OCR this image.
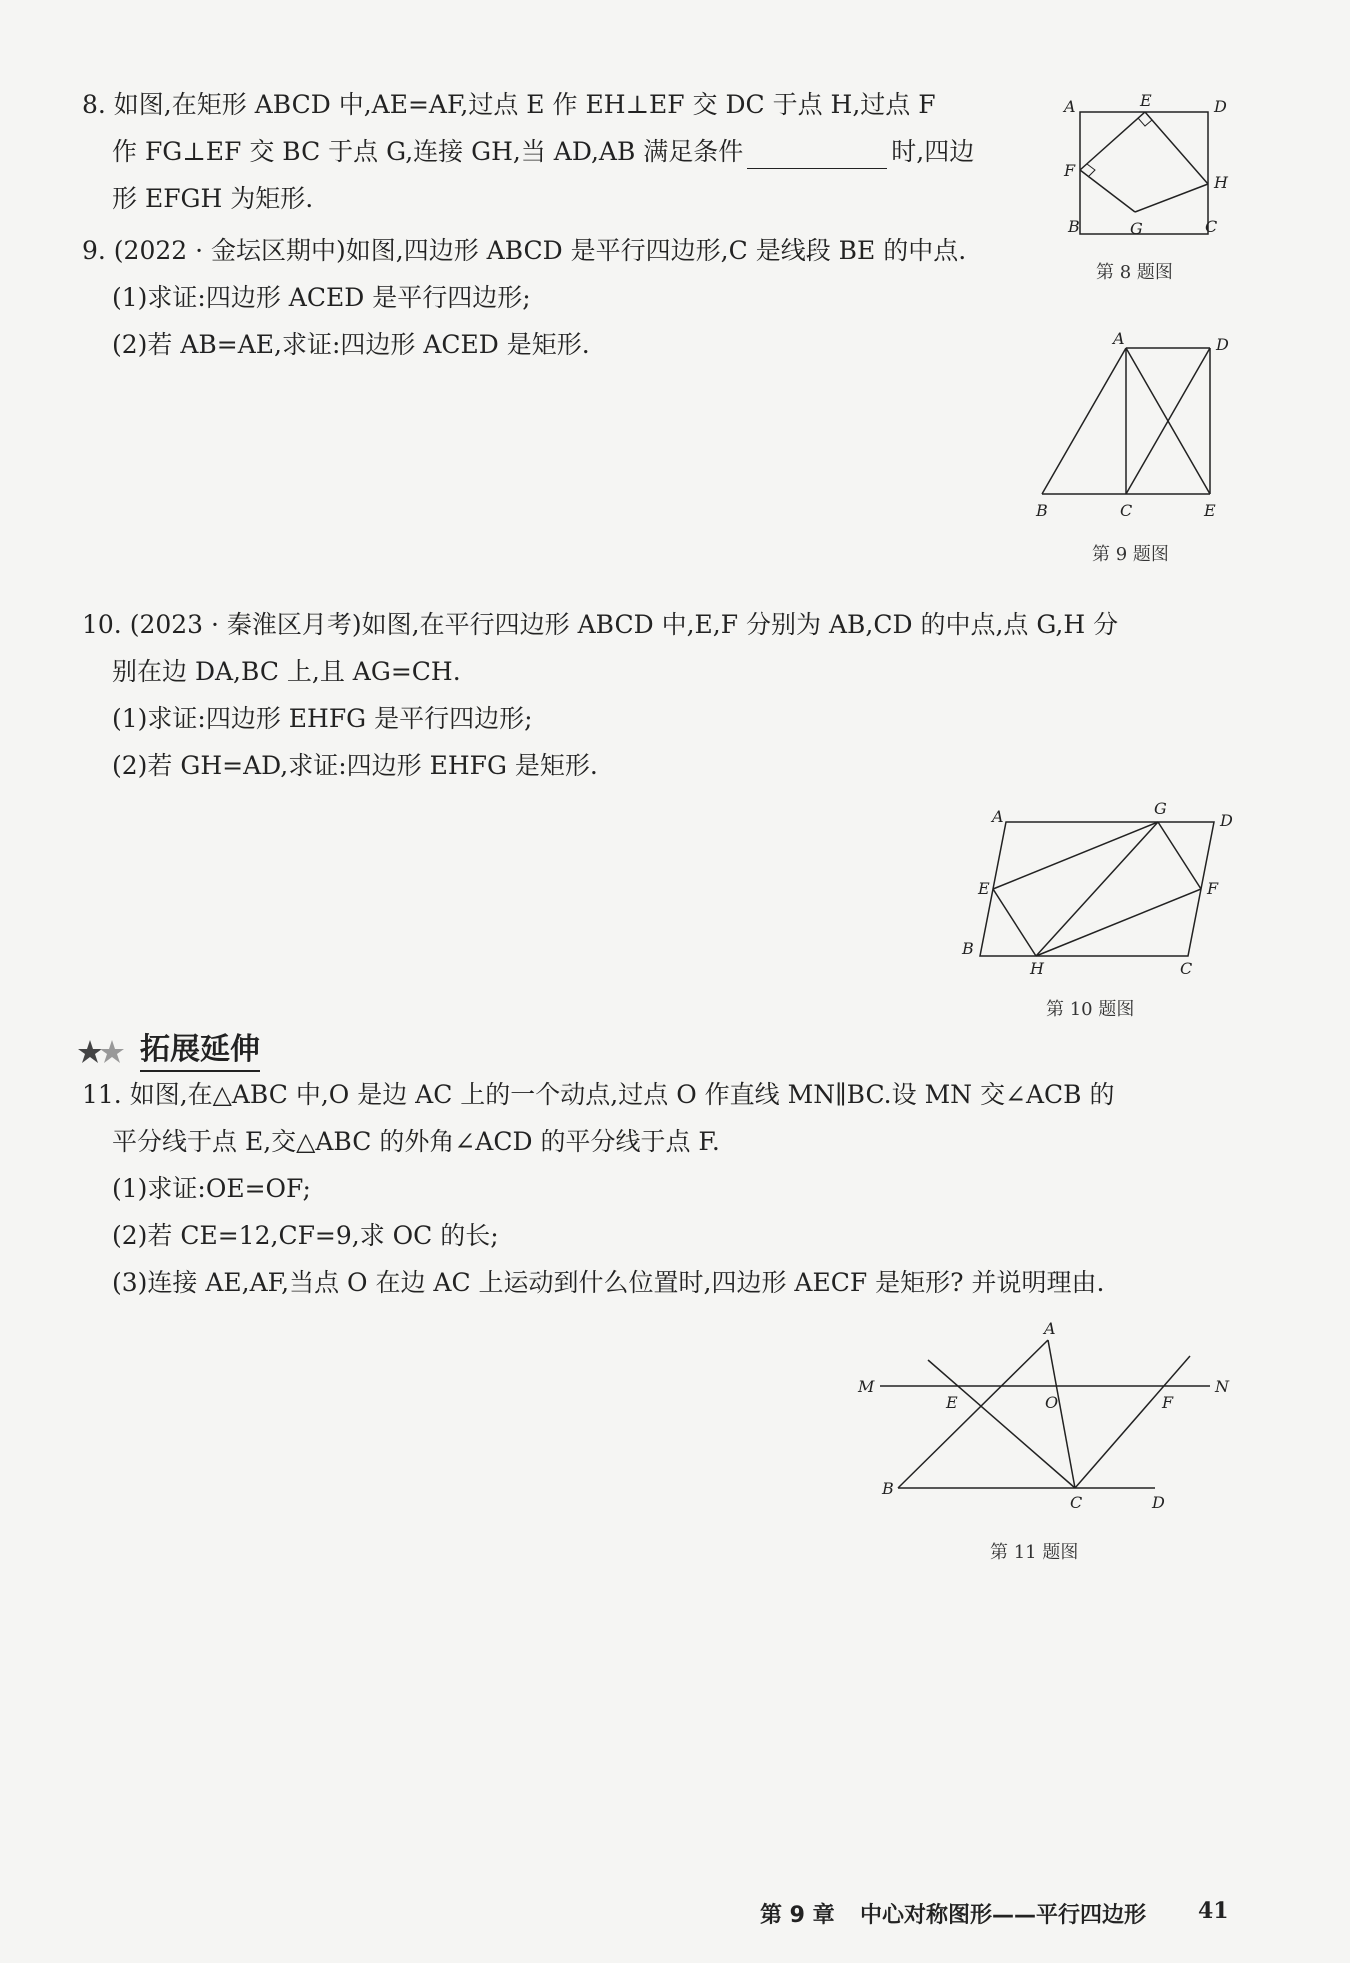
8. 如图,在矩形 ABCD 中,AE=AF,过点 E 作 EH⊥EF 交 DC 于点 H,过点 F
作 FG⊥EF 交 BC 于点 G,连接 GH,当 AD,AB 满足条件	时,四边
形 EFGH 为矩形.
A	E	D
F
H
B	G	C
第 8 题图
9. (2022 · 金坛区期中)如图,四边形 ABCD 是平行四边形,C 是线段 BE 的中点.
(1)求证:四边形 ACED 是平行四边形;
(2)若 AB=AE,求证:四边形 ACED 是矩形.	A	D
B	C	E
第 9 题图
10. (2023 · 秦淮区月考)如图,在平行四边形 ABCD 中,E,F 分别为 AB,CD 的中点,点 G,H 分
别在边 DA,BC 上,且 AG=CH.
(1)求证:四边形 EHFG 是平行四边形;
(2)若 GH=AD,求证:四边形 EHFG 是矩形.
A	G
D
E	F
B
H	C
第 10 题图
拓展延伸
11. 如图,在△ABC 中,O 是边 AC 上的一个动点,过点 O 作直线 MN∥BC.设 MN 交∠ACB 的
平分线于点 E,交△ABC 的外角∠ACD 的平分线于点 F.
(1)求证:OE=OF;
(2)若 CE=12,CF=9,求 OC 的长;
(3)连接 AE,AF,当点 O 在边 AC 上运动到什么位置时,四边形 AECF 是矩形? 并说明理由.
A
M
E	O	F
N
B
C	D
第 11 题图
第 9 章 中心对称图形——平行四边形 41
